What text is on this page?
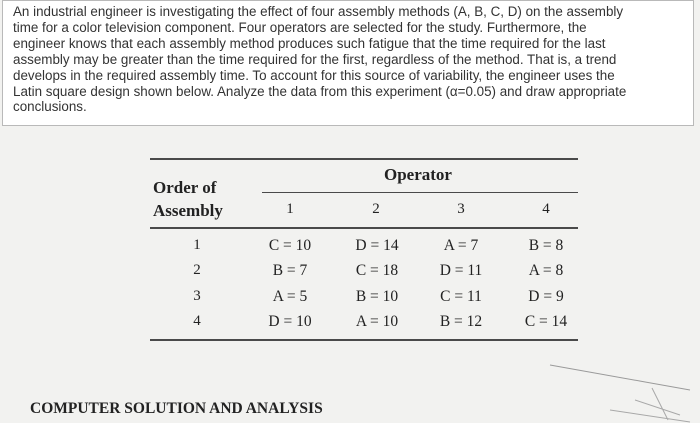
An industrial engineer is investigating the effect of four assembly methods (A, B, C, D) on the assembly
time for a color television component. Four operators are selected for the study. Furthermore, the
engineer knows that each assembly method produces such fatigue that the time required for the last
assembly may be greater than the time required for the first, regardless of the method. That is, a trend
develops in the required assembly time. To account for this source of variability, the engineer uses the
Latin square design shown below. Analyze the data from this experiment (α=0.05) and draw appropriate
conclusions.
Order of
Assembly
Operator
1	2	3	4
1	C = 10	D = 14	A = 7	B = 8
2	B = 7	C = 18	D = 11	A = 8
3	A = 5	B = 10	C = 11	D = 9
4	D = 10	A = 10	B = 12	C = 14
COMPUTER SOLUTION AND ANALYSIS
